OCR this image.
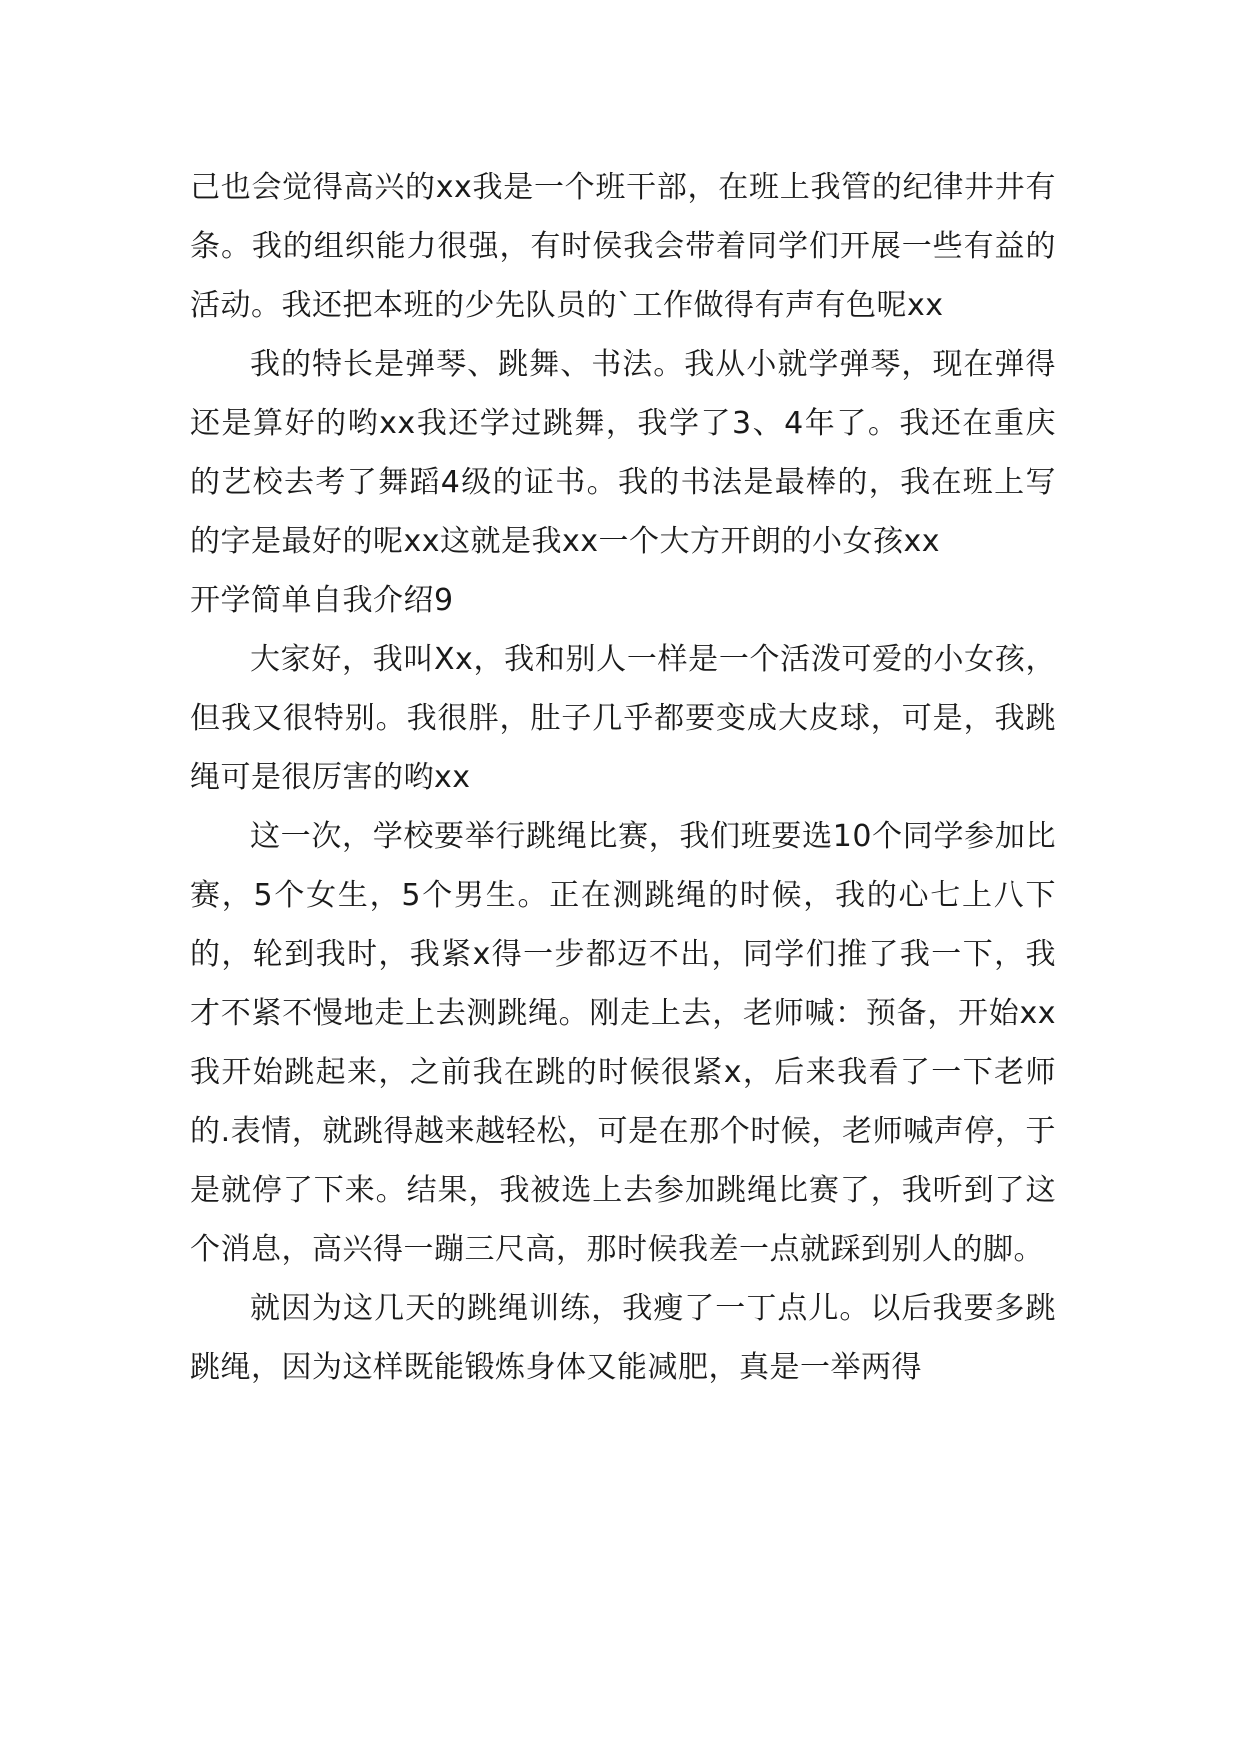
己也会觉得高兴的xx我是一个班干部，在班上我管的纪律井井有条。我的组织能力很强，有时侯我会带着同学们开展一些有益的活动。我还把本班的少先队员的`工作做得有声有色呢xx

我的特长是弹琴、跳舞、书法。我从小就学弹琴，现在弹得还是算好的哟xx我还学过跳舞，我学了3、4年了。我还在重庆的艺校去考了舞蹈4级的证书。我的书法是最棒的，我在班上写的字是最好的呢xx这就是我xx一个大方开朗的小女孩xx

开学简单自我介绍9

大家好，我叫Xx，我和别人一样是一个活泼可爱的小女孩，但我又很特别。我很胖，肚子几乎都要变成大皮球，可是，我跳绳可是很厉害的哟xx

这一次，学校要举行跳绳比赛，我们班要选10个同学参加比赛，5个女生，5个男生。正在测跳绳的时候，我的心七上八下的，轮到我时，我紧x得一步都迈不出，同学们推了我一下，我才不紧不慢地走上去测跳绳。刚走上去，老师喊：预备，开始xx我开始跳起来，之前我在跳的时候很紧x，后来我看了一下老师的.表情，就跳得越来越轻松，可是在那个时候，老师喊声停，于是就停了下来。结果，我被选上去参加跳绳比赛了，我听到了这个消息，高兴得一蹦三尺高，那时候我差一点就踩到别人的脚。

就因为这几天的跳绳训练，我瘦了一丁点儿。以后我要多跳跳绳，因为这样既能锻炼身体又能减肥，真是一举两得
